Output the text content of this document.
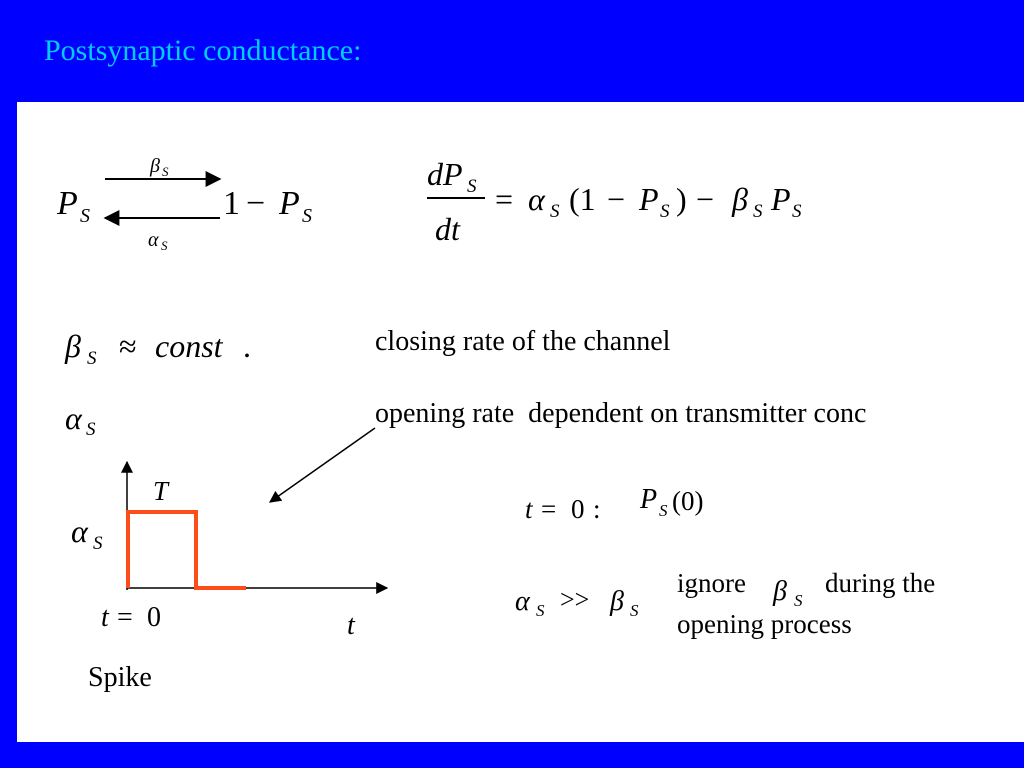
Postsynaptic conductance:
P S
β S
α S
1 − P S
dP S
dt
= α S (1 − P S ) − β S P S
β S ≈ const .	closing rate of the channel
opening rate  dependent on transmitter conc
α S
T
α S
t = 0	t
Spike
t = 0 : P S (0)
α S >> β S
ignore β S
during the
opening process
